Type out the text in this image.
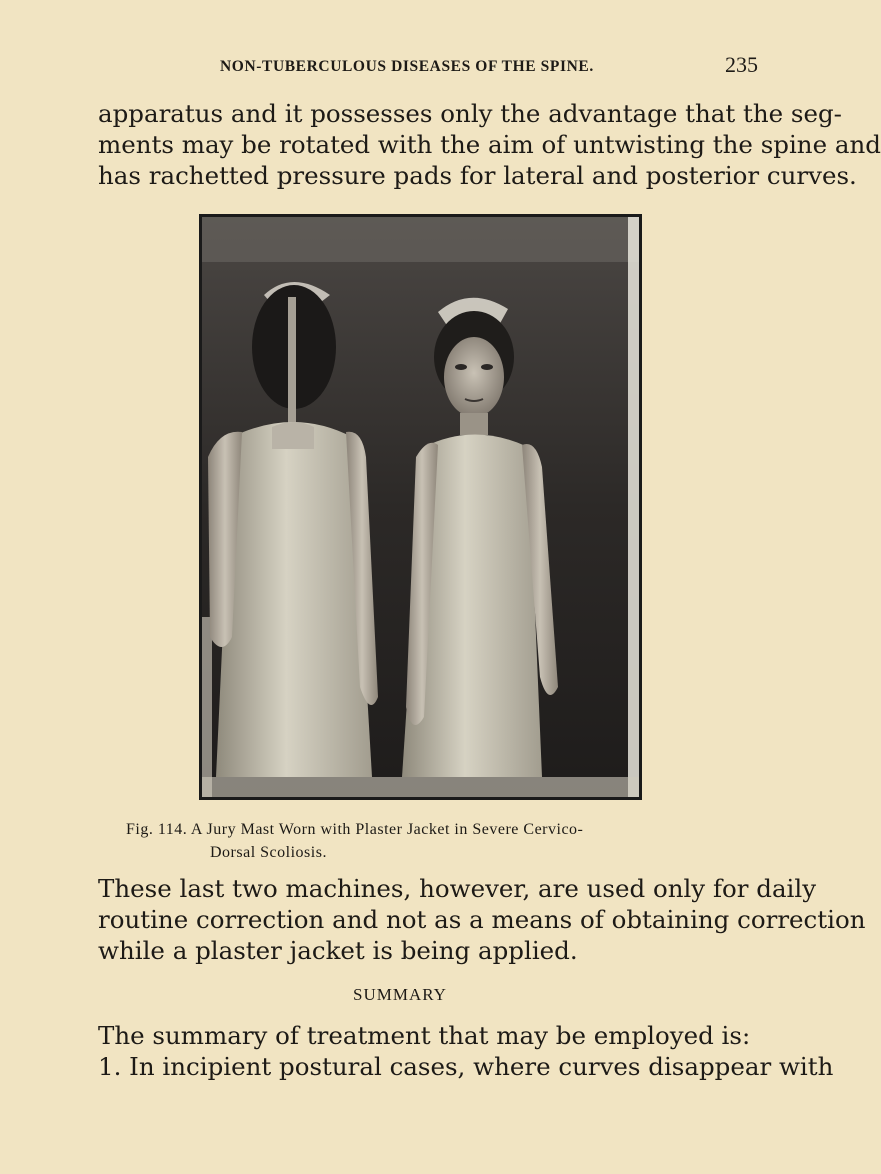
NON-TUBERCULOUS DISEASES OF THE SPINE.	235

apparatus and it possesses only the advantage that the seg-
ments may be rotated with the aim of untwisting the spine and
has rachetted pressure pads for lateral and posterior curves.

Fig. 114. A Jury Mast Worn with Plaster Jacket in Severe Cervico-
Dorsal Scoliosis.

These last two machines, however, are used only for daily
routine correction and not as a means of obtaining correction
while a plaster jacket is being applied.

SUMMARY

The summary of treatment that may be employed is:
1. In incipient postural cases, where curves disappear with
